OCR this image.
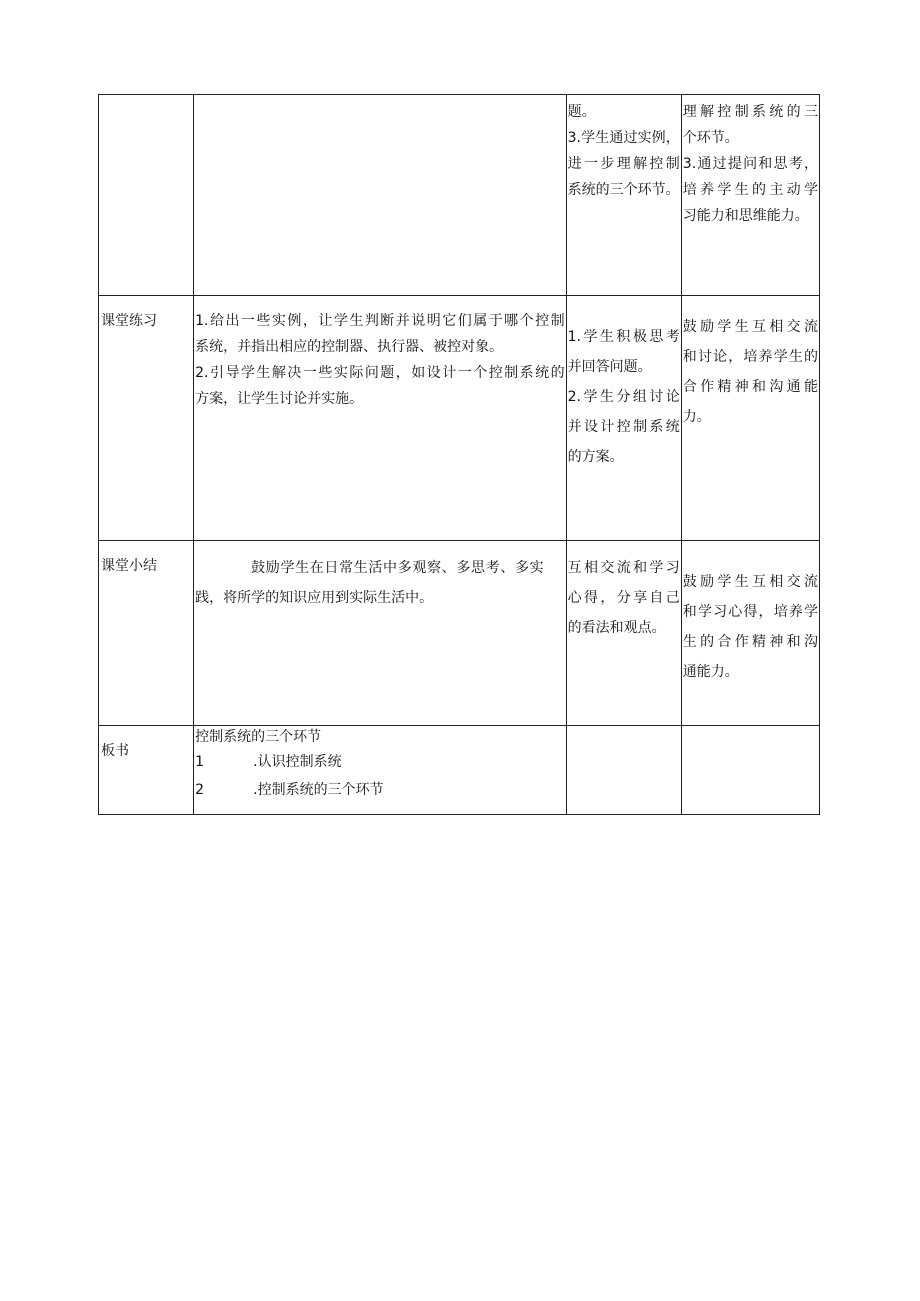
		题。
3.学生通过实例，
进一步理解控制
系统的三个环节。	理解控制系统的三
个环节。
3.通过提问和思考，
培养学生的主动学
习能力和思维能力。

课堂练习	1.给出一些实例，让学生判断并说明它们属于哪个控制
系统，并指出相应的控制器、执行器、被控对象。
2.引导学生解决一些实际问题，如设计一个控制系统的
方案，让学生讨论并实施。	1.学生积极思考
并回答问题。
2.学生分组讨论
并设计控制系统
的方案。	鼓励学生互相交流
和讨论，培养学生的
合作精神和沟通能
力。

课堂小结	鼓励学生在日常生活中多观察、多思考、多实
践，将所学的知识应用到实际生活中。	互相交流和学习
心得，分享自己
的看法和观点。	鼓励学生互相交流
和学习心得，培养学
生的合作精神和沟
通能力。

板书	控制系统的三个环节
1 .认识控制系统
2 .控制系统的三个环节		
